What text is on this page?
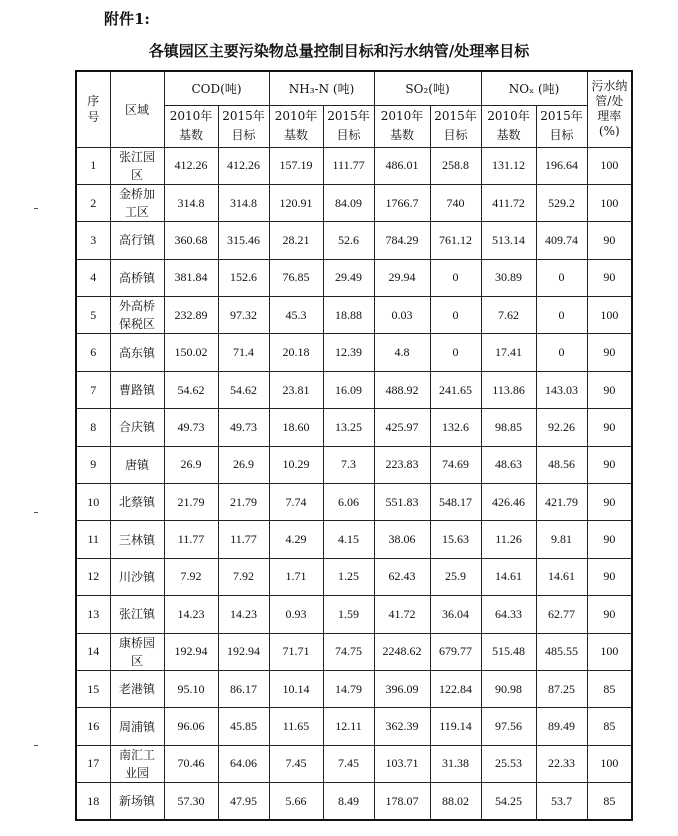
附件1:
各镇园区主要污染物总量控制目标和污水纳管/处理率目标
序号	区域	COD(吨)		NH₃-N (吨)		SO₂(吨)		NOₓ (吨)		污水纳管/处理率(%)
		2010年基数	2015年目标	2010年基数	2015年目标	2010年基数	2015年目标	2010年基数	2015年目标	
1	张江园区	412.26	412.26	157.19	111.77	486.01	258.8	131.12	196.64	100
2	金桥加工区	314.8	314.8	120.91	84.09	1766.7	740	411.72	529.2	100
3	高行镇	360.68	315.46	28.21	52.6	784.29	761.12	513.14	409.74	90
4	高桥镇	381.84	152.6	76.85	29.49	29.94	0	30.89	0	90
5	外高桥保税区	232.89	97.32	45.3	18.88	0.03	0	7.62	0	100
6	高东镇	150.02	71.4	20.18	12.39	4.8	0	17.41	0	90
7	曹路镇	54.62	54.62	23.81	16.09	488.92	241.65	113.86	143.03	90
8	合庆镇	49.73	49.73	18.60	13.25	425.97	132.6	98.85	92.26	90
9	唐镇	26.9	26.9	10.29	7.3	223.83	74.69	48.63	48.56	90
10	北蔡镇	21.79	21.79	7.74	6.06	551.83	548.17	426.46	421.79	90
11	三林镇	11.77	11.77	4.29	4.15	38.06	15.63	11.26	9.81	90
12	川沙镇	7.92	7.92	1.71	1.25	62.43	25.9	14.61	14.61	90
13	张江镇	14.23	14.23	0.93	1.59	41.72	36.04	64.33	62.77	90
14	康桥园区	192.94	192.94	71.71	74.75	2248.62	679.77	515.48	485.55	100
15	老港镇	95.10	86.17	10.14	14.79	396.09	122.84	90.98	87.25	85
16	周浦镇	96.06	45.85	11.65	12.11	362.39	119.14	97.56	89.49	85
17	南汇工业园	70.46	64.06	7.45	7.45	103.71	31.38	25.53	22.33	100
18	新场镇	57.30	47.95	5.66	8.49	178.07	88.02	54.25	53.7	85
